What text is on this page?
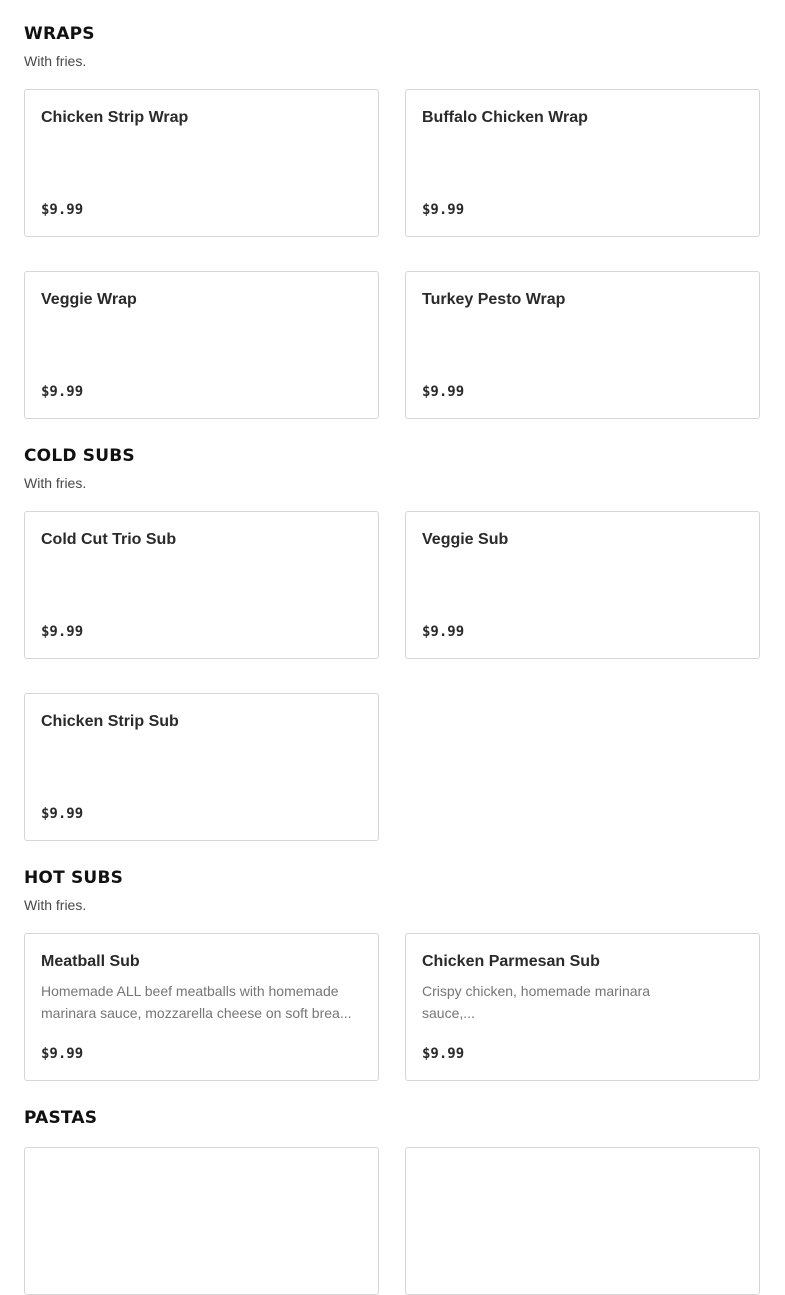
WRAPS
With fries.
Chicken Strip Wrap
$9.99
Buffalo Chicken Wrap
$9.99
Veggie Wrap
$9.99
Turkey Pesto Wrap
$9.99
COLD SUBS
With fries.
Cold Cut Trio Sub
$9.99
Veggie Sub
$9.99
Chicken Strip Sub
$9.99
HOT SUBS
With fries.
Meatball Sub
Homemade ALL beef meatballs with homemade marinara sauce, mozzarella cheese on soft brea...
$9.99
Chicken Parmesan Sub
Crispy chicken, homemade marinara sauce,...
$9.99
PASTAS
